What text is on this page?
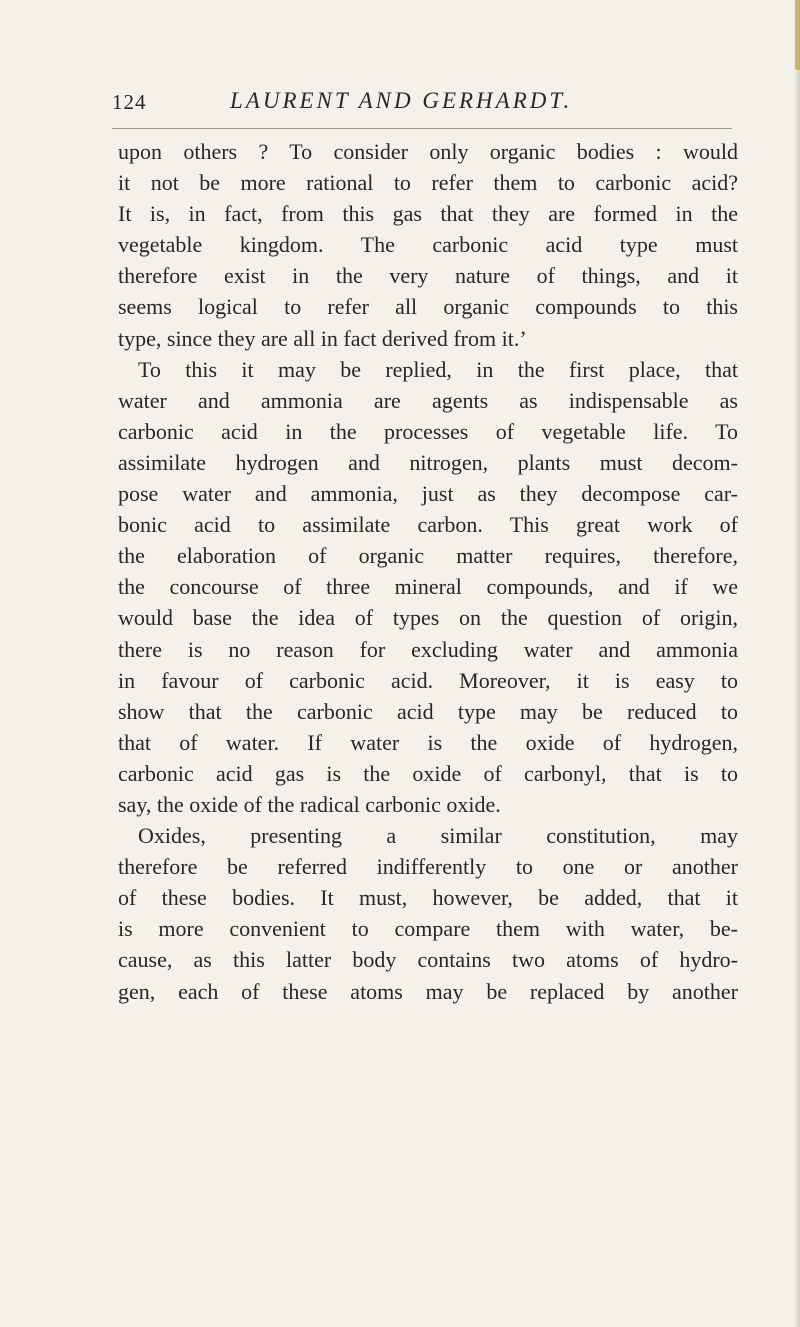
124	LAURENT AND GERHARDT.
upon others ? To consider only organic bodies : would
it not be more rational to refer them to carbonic acid?
It is, in fact, from this gas that they are formed in the
vegetable kingdom. The carbonic acid type must
therefore exist in the very nature of things, and it
seems logical to refer all organic compounds to this
type, since they are all in fact derived from it.’
To this it may be replied, in the first place, that
water and ammonia are agents as indispensable as
carbonic acid in the processes of vegetable life. To
assimilate hydrogen and nitrogen, plants must decom-
pose water and ammonia, just as they decompose car-
bonic acid to assimilate carbon. This great work of
the elaboration of organic matter requires, therefore,
the concourse of three mineral compounds, and if we
would base the idea of types on the question of origin,
there is no reason for excluding water and ammonia
in favour of carbonic acid. Moreover, it is easy to
show that the carbonic acid type may be reduced to
that of water. If water is the oxide of hydrogen,
carbonic acid gas is the oxide of carbonyl, that is to
say, the oxide of the radical carbonic oxide.
Oxides, presenting a similar constitution, may
therefore be referred indifferently to one or another
of these bodies. It must, however, be added, that it
is more convenient to compare them with water, be-
cause, as this latter body contains two atoms of hydro-
gen, each of these atoms may be replaced by another
